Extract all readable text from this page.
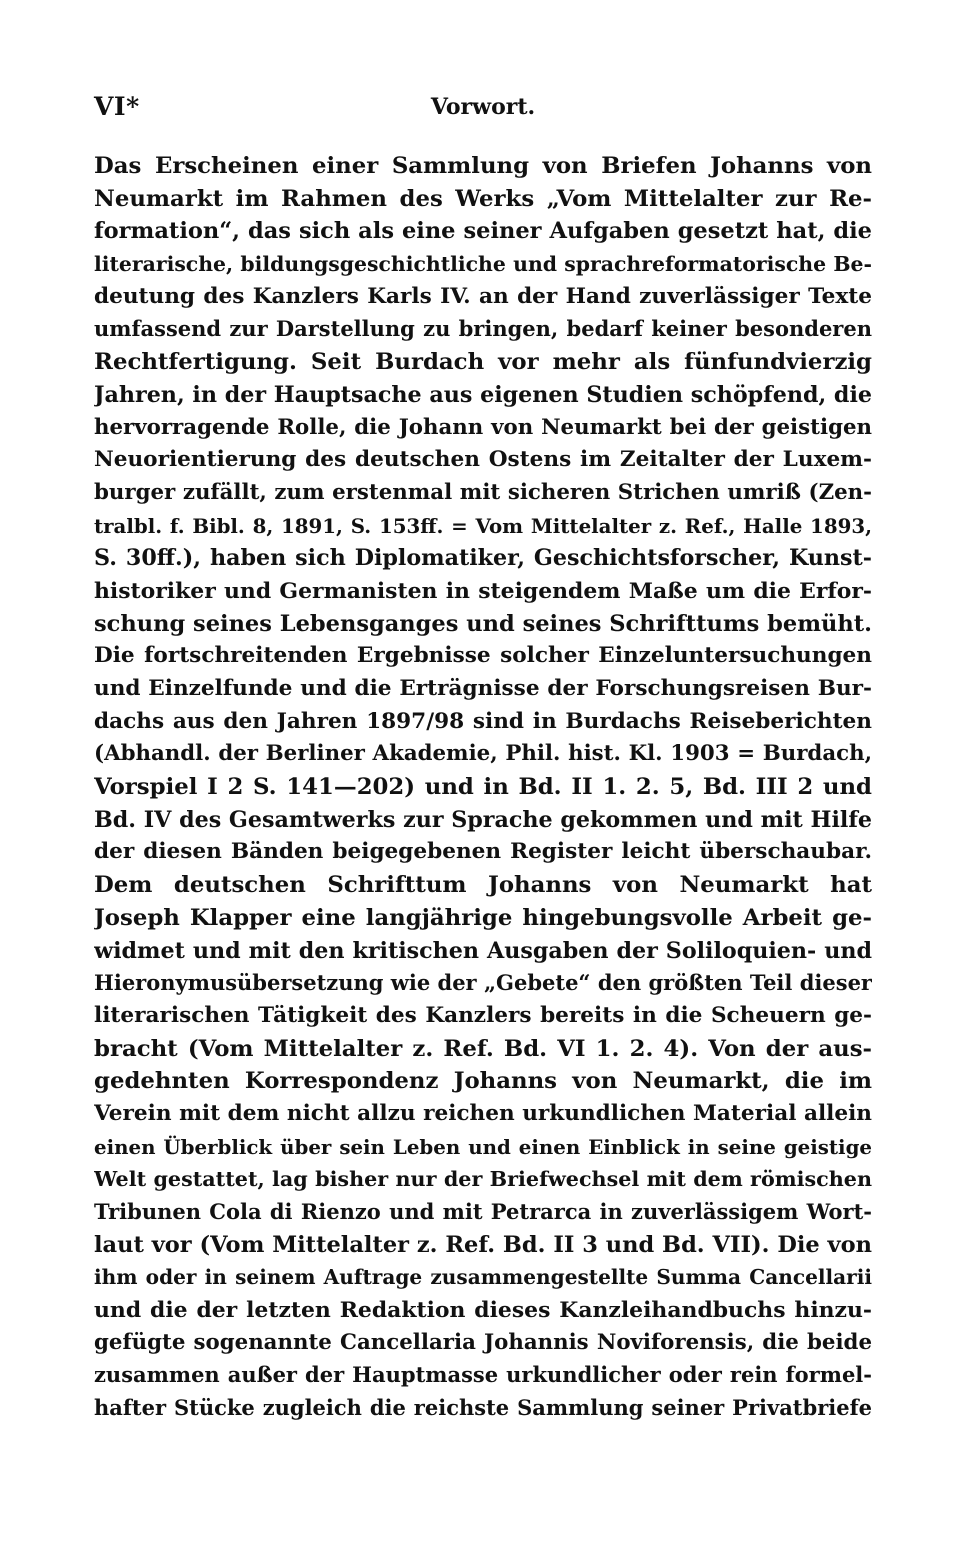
VI*	Vorwort.
Das Erscheinen einer Sammlung von Briefen Johanns von
Neumarkt im Rahmen des Werks „Vom Mittelalter zur Re-
formation“, das sich als eine seiner Aufgaben gesetzt hat, die
literarische, bildungsgeschichtliche und sprachreformatorische Be-
deutung des Kanzlers Karls IV. an der Hand zuverlässiger Texte
umfassend zur Darstellung zu bringen, bedarf keiner besonderen
Rechtfertigung. Seit Burdach vor mehr als fünfundvierzig
Jahren, in der Hauptsache aus eigenen Studien schöpfend, die
hervorragende Rolle, die Johann von Neumarkt bei der geistigen
Neuorientierung des deutschen Ostens im Zeitalter der Luxem-
burger zufällt, zum erstenmal mit sicheren Strichen umriß (Zen-
tralbl. f. Bibl. 8, 1891, S. 153ff. = Vom Mittelalter z. Ref., Halle 1893,
S. 30ff.), haben sich Diplomatiker, Geschichtsforscher, Kunst-
historiker und Germanisten in steigendem Maße um die Erfor-
schung seines Lebensganges und seines Schrifttums bemüht.
Die fortschreitenden Ergebnisse solcher Einzeluntersuchungen
und Einzelfunde und die Erträgnisse der Forschungsreisen Bur-
dachs aus den Jahren 1897/98 sind in Burdachs Reiseberichten
(Abhandl. der Berliner Akademie, Phil. hist. Kl. 1903 = Burdach,
Vorspiel I 2 S. 141—202) und in Bd. II 1. 2. 5, Bd. III 2 und
Bd. IV des Gesamtwerks zur Sprache gekommen und mit Hilfe
der diesen Bänden beigegebenen Register leicht überschaubar.
Dem deutschen Schrifttum Johanns von Neumarkt hat
Joseph Klapper eine langjährige hingebungsvolle Arbeit ge-
widmet und mit den kritischen Ausgaben der Soliloquien- und
Hieronymusübersetzung wie der „Gebete“ den größten Teil dieser
literarischen Tätigkeit des Kanzlers bereits in die Scheuern ge-
bracht (Vom Mittelalter z. Ref. Bd. VI 1. 2. 4). Von der aus-
gedehnten Korrespondenz Johanns von Neumarkt, die im
Verein mit dem nicht allzu reichen urkundlichen Material allein
einen Überblick über sein Leben und einen Einblick in seine geistige
Welt gestattet, lag bisher nur der Briefwechsel mit dem römischen
Tribunen Cola di Rienzo und mit Petrarca in zuverlässigem Wort-
laut vor (Vom Mittelalter z. Ref. Bd. II 3 und Bd. VII). Die von
ihm oder in seinem Auftrage zusammengestellte Summa Cancellarii
und die der letzten Redaktion dieses Kanzleihandbuchs hinzu-
gefügte sogenannte Cancellaria Johannis Noviforensis, die beide
zusammen außer der Hauptmasse urkundlicher oder rein formel-
hafter Stücke zugleich die reichste Sammlung seiner Privatbriefe
